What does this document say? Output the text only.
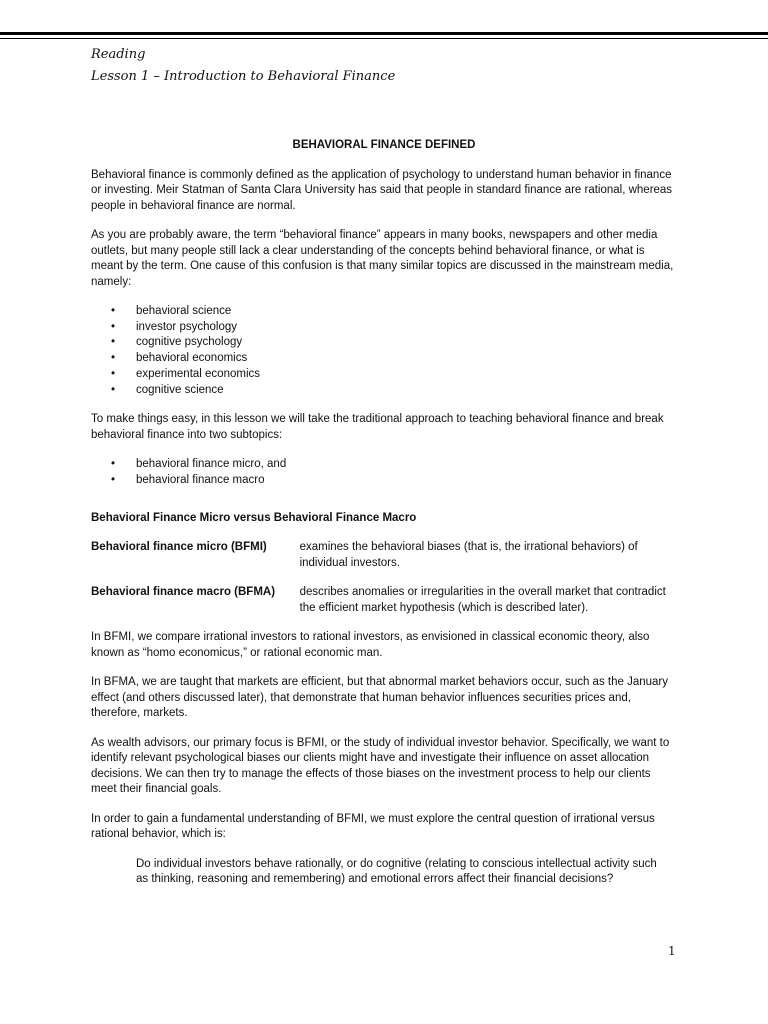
Reading
Lesson 1 – Introduction to Behavioral Finance
BEHAVIORAL FINANCE DEFINED

Behavioral finance is commonly defined as the application of psychology to understand human behavior in finance or investing. Meir Statman of Santa Clara University has said that people in standard finance are rational, whereas people in behavioral finance are normal.

As you are probably aware, the term “behavioral finance” appears in many books, newspapers and other media outlets, but many people still lack a clear understanding of the concepts behind behavioral finance, or what is meant by the term. One cause of this confusion is that many similar topics are discussed in the mainstream media, namely:

• behavioral science
• investor psychology
• cognitive psychology
• behavioral economics
• experimental economics
• cognitive science

To make things easy, in this lesson we will take the traditional approach to teaching behavioral finance and break behavioral finance into two subtopics:

• behavioral finance micro, and
• behavioral finance macro
Behavioral Finance Micro versus Behavioral Finance Macro
Behavioral finance micro (BFMI)	examines the behavioral biases (that is, the irrational behaviors) of individual investors.
Behavioral finance macro (BFMA)	describes anomalies or irregularities in the overall market that contradict the efficient market hypothesis (which is described later).

In BFMI, we compare irrational investors to rational investors, as envisioned in classical economic theory, also known as “homo economicus,” or rational economic man.

In BFMA, we are taught that markets are efficient, but that abnormal market behaviors occur, such as the January effect (and others discussed later), that demonstrate that human behavior influences securities prices and, therefore, markets.

As wealth advisors, our primary focus is BFMI, or the study of individual investor behavior. Specifically, we want to identify relevant psychological biases our clients might have and investigate their influence on asset allocation decisions. We can then try to manage the effects of those biases on the investment process to help our clients meet their financial goals.

In order to gain a fundamental understanding of BFMI, we must explore the central question of irrational versus rational behavior, which is:

Do individual investors behave rationally, or do cognitive (relating to conscious intellectual activity such as thinking, reasoning and remembering) and emotional errors affect their financial decisions?
1
